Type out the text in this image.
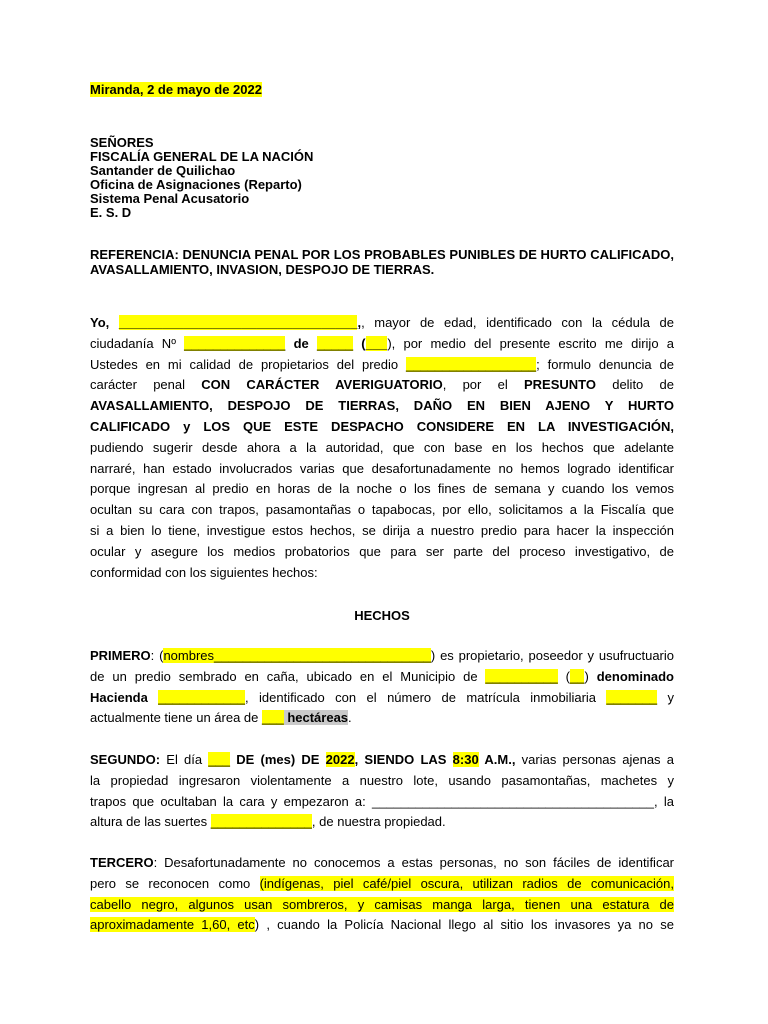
Miranda, 2 de mayo de 2022
SEÑORES
FISCALÍA GENERAL DE LA NACIÓN
Santander de Quilichao
Oficina de Asignaciones (Reparto)
Sistema Penal Acusatorio
E. S. D
REFERENCIA: DENUNCIA PENAL POR LOS PROBABLES PUNIBLES DE HURTO CALIFICADO, AVASALLAMIENTO, INVASION, DESPOJO DE TIERRAS.
Yo, _________________________________,, mayor de edad, identificado con la cédula de
ciudadanía Nº ______________ de _____ (___), por medio del presente escrito me dirijo a
Ustedes en mi calidad de propietarios del predio __________________; formulo denuncia de
carácter penal CON CARÁCTER AVERIGUATORIO, por el PRESUNTO delito de
AVASALLAMIENTO, DESPOJO DE TIERRAS, DAÑO EN BIEN AJENO Y HURTO
CALIFICADO y LOS QUE ESTE DESPACHO CONSIDERE EN LA INVESTIGACIÓN,
pudiendo sugerir desde ahora a la autoridad, que con base en los hechos que adelante
narraré, han estado involucrados varias que desafortunadamente no hemos logrado identificar
porque ingresan al predio en horas de la noche o los fines de semana y cuando los vemos
ocultan su cara con trapos, pasamontañas o tapabocas, por ello, solicitamos a la Fiscalía que
si a bien lo tiene, investigue estos hechos, se dirija a nuestro predio para hacer la inspección
ocular y asegure los medios probatorios que para ser parte del proceso investigativo, de
conformidad con los siguientes hechos:
HECHOS
PRIMERO: (nombres______________________________) es propietario, poseedor y usufructuario
de un predio sembrado en caña, ubicado en el Municipio de __________ (__) denominado
Hacienda ____________, identificado con el número de matrícula inmobiliaria _______ y
actualmente tiene un área de ___ hectáreas.
SEGUNDO: El día ___ DE (mes) DE 2022, SIENDO LAS 8:30 A.M., varias personas ajenas a
la propiedad ingresaron violentamente a nuestro lote, usando pasamontañas, machetes y
trapos que ocultaban la cara y empezaron a: _______________________________________, la
altura de las suertes ______________, de nuestra propiedad.
TERCERO: Desafortunadamente no conocemos a estas personas, no son fáciles de identificar
pero se reconocen como (indígenas, piel café/piel oscura, utilizan radios de comunicación,
cabello negro, algunos usan sombreros, y camisas manga larga, tienen una estatura de
aproximadamente 1,60, etc) , cuando la Policía Nacional llego al sitio los invasores ya no se
